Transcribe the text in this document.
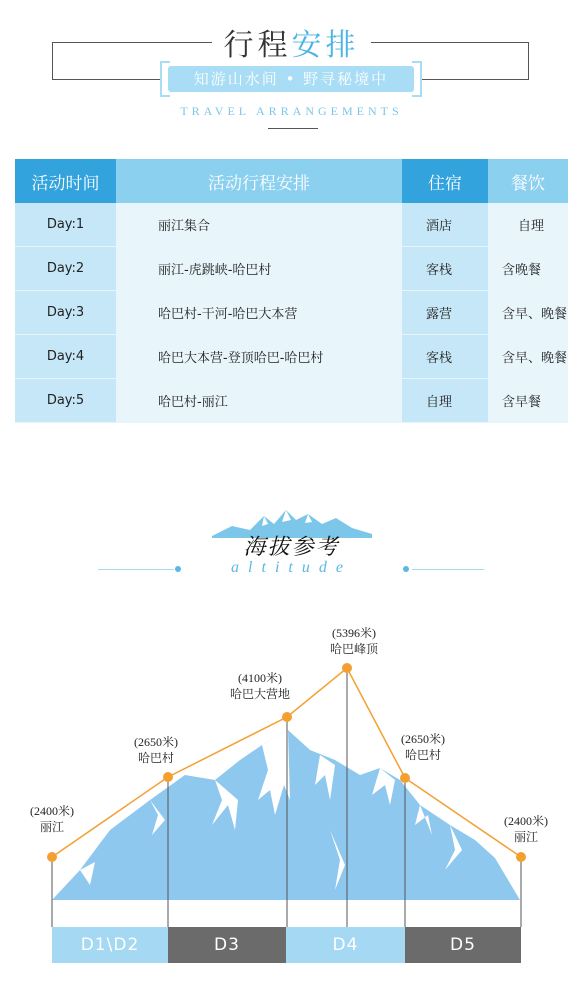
行程安排
知游山水间 • 野寻秘境中
TRAVEL ARRANGEMENTS
活动时间	活动行程安排	住宿	餐饮
Day:1	丽江集合	酒店	自理
Day:2	丽江-虎跳峡-哈巴村	客栈	含晚餐
Day:3	哈巴村-干河-哈巴大本营	露营	含早、晚餐
Day:4	哈巴大本营-登顶哈巴-哈巴村	客栈	含早、晚餐
Day:5	哈巴村-丽江	自理	含早餐
海拔参考
altitude
(2400米)
丽江
(2650米)
哈巴村
(4100米)
哈巴大营地
(5396米)
哈巴峰顶
(2650米)
哈巴村
(2400米)
丽江
D1\D2	D3	D4	D5
